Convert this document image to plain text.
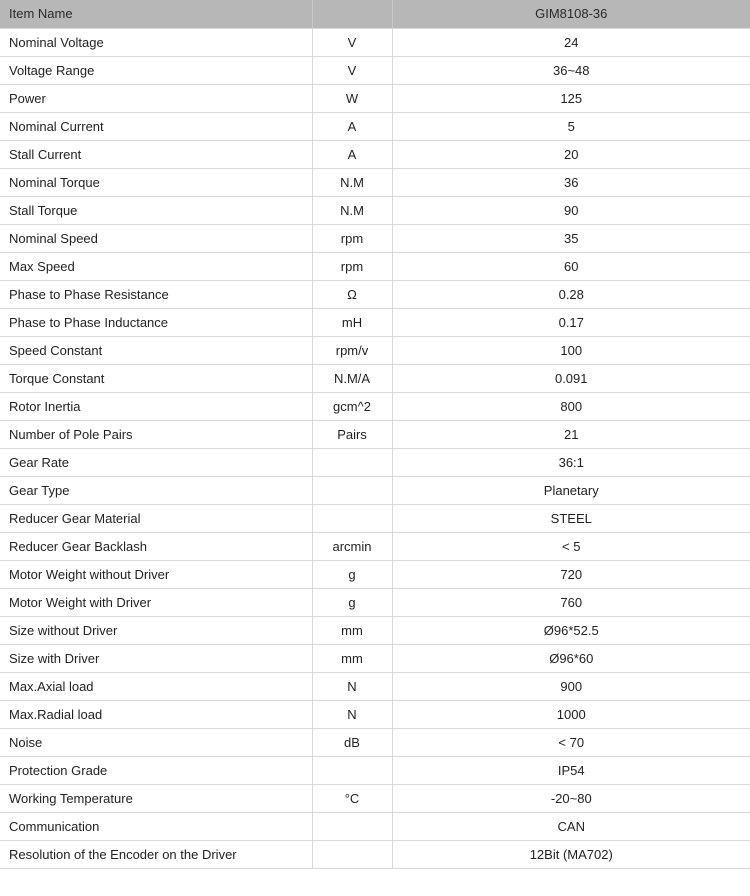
Item Name		GIM8108-36
Nominal Voltage	V	24
Voltage Range	V	36~48
Power	W	125
Nominal Current	A	5
Stall Current	A	20
Nominal Torque	N.M	36
Stall Torque	N.M	90
Nominal Speed	rpm	35
Max Speed	rpm	60
Phase to Phase Resistance	Ω	0.28
Phase to Phase Inductance	mH	0.17
Speed Constant	rpm/v	100
Torque Constant	N.M/A	0.091
Rotor Inertia	gcm^2	800
Number of Pole Pairs	Pairs	21
Gear Rate		36:1
Gear Type		Planetary
Reducer Gear Material		STEEL
Reducer Gear Backlash	arcmin	< 5
Motor Weight without Driver	g	720
Motor Weight with Driver	g	760
Size without Driver	mm	Ø96*52.5
Size with Driver	mm	Ø96*60
Max.Axial load	N	900
Max.Radial load	N	1000
Noise	dB	< 70
Protection Grade		IP54
Working Temperature	°C	-20~80
Communication		CAN
Resolution of the Encoder on the Driver		12Bit (MA702)
